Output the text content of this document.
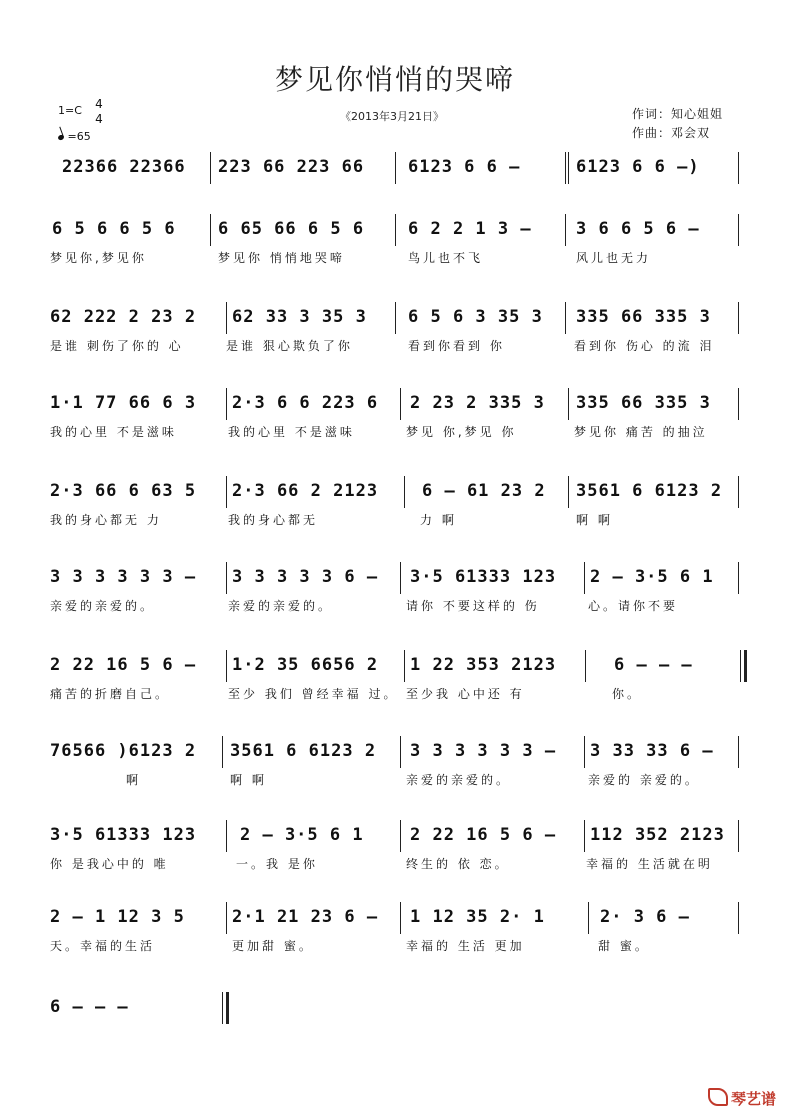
梦见你悄悄的哭啼
1=C 4
4
=65
《2013年3月21日》	作词：知心姐姐
作曲：邓会双
22366 22366 223 66 223 66	6123 6 6 –	6123 6 6 –)
6 5 6 6 5 6 6 65 66 6 5 6	6 2 2 1 3 –	3 6 6 5 6 –
梦见你,梦见你	梦见你 悄悄地哭啼	鸟儿也不飞	风儿也无力
62 222 2 23 2 62 33 3 35 3 6 5 6 3 35 3 335 66 335 3
是谁 刺伤了你的 心	是谁 狠心欺负了你	看到你看到 你	看到你 伤心 的流 泪
1·1 77 66 6 3 2·3 6 6 223 6 2 23 2 335 3 335 66 335 3
我的心里 不是滋味	我的心里 不是滋味	梦见 你,梦见 你	梦见你 痛苦 的抽泣
2·3 66 6 63 5 2·3 66 2 2123	6 – 61 23 2 3561 6 6123 2
我的身心都无 力	我的身心都无	力 啊	啊 啊
3 3 3 3 3 3 – 3 3 3 3 3 6 – 3·5 61333 123 2 – 3·5 6 1
亲爱的亲爱的。	亲爱的亲爱的。	请你 不要这样的 伤	心。请你不要
2 22 16 5 6 – 1·2 35 6656 2 1 22 353 2123	6 – – –
痛苦的折磨自己。	至少 我们 曾经幸福 过。 至少我 心中还 有	你。
76566 )6123 2 3561 6 6123 2 3 3 3 3 3 3 – 3 33 33 6 –
啊	啊 啊	亲爱的亲爱的。	亲爱的 亲爱的。
3·5 61333 123	2 – 3·5 6 1	2 22 16 5 6 – 112 352 2123
你 是我心中的 唯	一。我 是你	终生的 依 恋。	幸福的 生活就在明
2 – 1 12 3 5	2·1 21 23 6 – 1 12 35 2· 1	2· 3 6 –
天。幸福的生活	更加甜 蜜。	幸福的 生活 更加	甜 蜜。
6 – – –
琴艺谱
